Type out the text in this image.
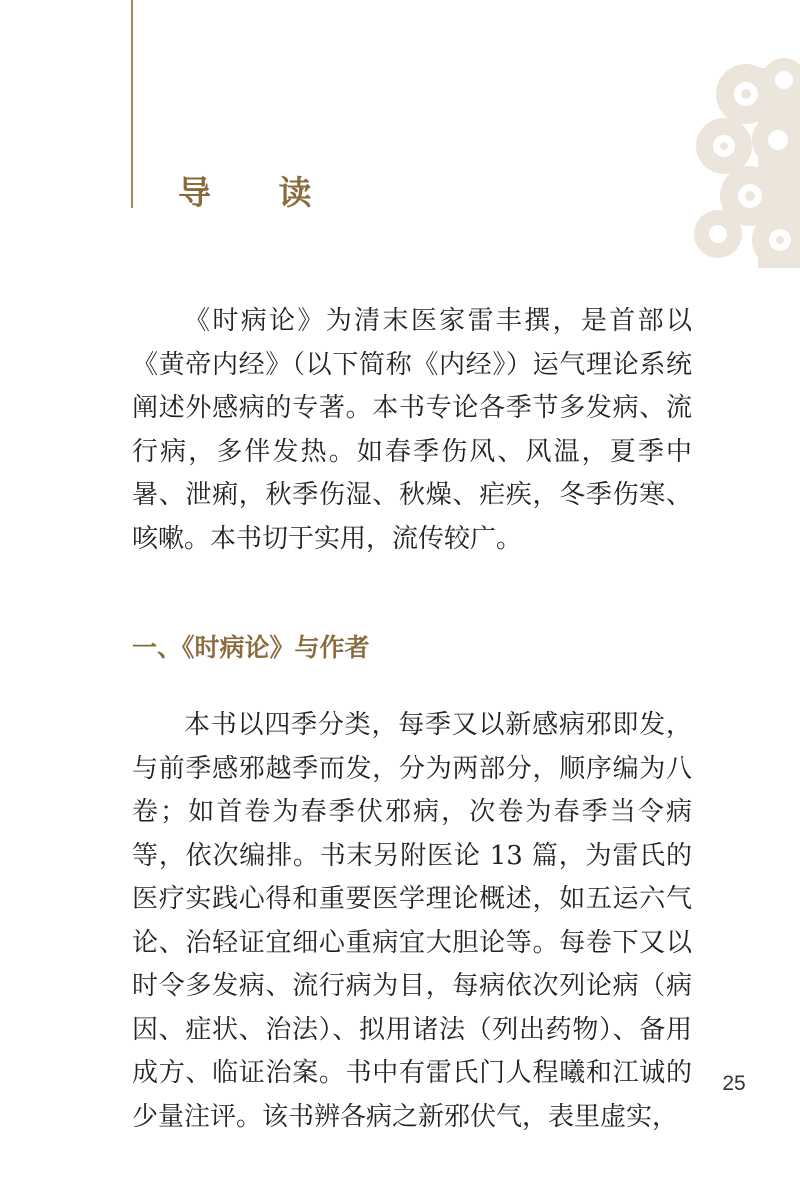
导 读

《时病论》为清末医家雷丰撰，是首部以《黄帝内经》（以下简称《内经》）运气理论系统阐述外感病的专著。本书专论各季节多发病、流行病，多伴发热。如春季伤风、风温，夏季中暑、泄痢，秋季伤湿、秋燥、疟疾，冬季伤寒、咳嗽。本书切于实用，流传较广。

一、《时病论》与作者

本书以四季分类，每季又以新感病邪即发，与前季感邪越季而发，分为两部分，顺序编为八卷；如首卷为春季伏邪病，次卷为春季当令病等，依次编排。书末另附医论 13 篇，为雷氏的医疗实践心得和重要医学理论概述，如五运六气论、治轻证宜细心重病宜大胆论等。每卷下又以时令多发病、流行病为目，每病依次列论病（病因、症状、治法）、拟用诸法（列出药物）、备用成方、临证治案。书中有雷氏门人程曦和江诚的少量注评。该书辨各病之新邪伏气，表里虚实，

25
